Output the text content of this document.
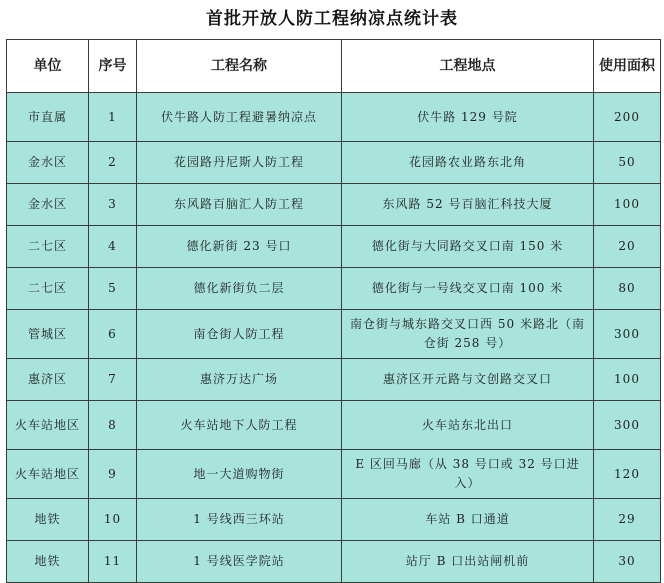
首批开放人防工程纳凉点统计表
单位	序号	工程名称	工程地点	使用面积
市直属	1	伏牛路人防工程避暑纳凉点	伏牛路 129 号院	200
金水区	2	花园路丹尼斯人防工程	花园路农业路东北角	50
金水区	3	东风路百脑汇人防工程	东风路 52 号百脑汇科技大厦	100
二七区	4	德化新街 23 号口	德化街与大同路交叉口南 150 米	20
二七区	5	德化新街负二层	德化街与一号线交叉口南 100 米	80
管城区	6	南仓街人防工程	南仓街与城东路交叉口西 50 米路北（南仓街 258 号）	300
惠济区	7	惠济万达广场	惠济区开元路与文创路交叉口	100
火车站地区	8	火车站地下人防工程	火车站东北出口	300
火车站地区	9	地一大道购物街	E 区回马廊（从 38 号口或 32 号口进入）	120
地铁	10	1 号线西三环站	车站 B 口通道	29
地铁	11	1 号线医学院站	站厅 B 口出站闸机前	30
